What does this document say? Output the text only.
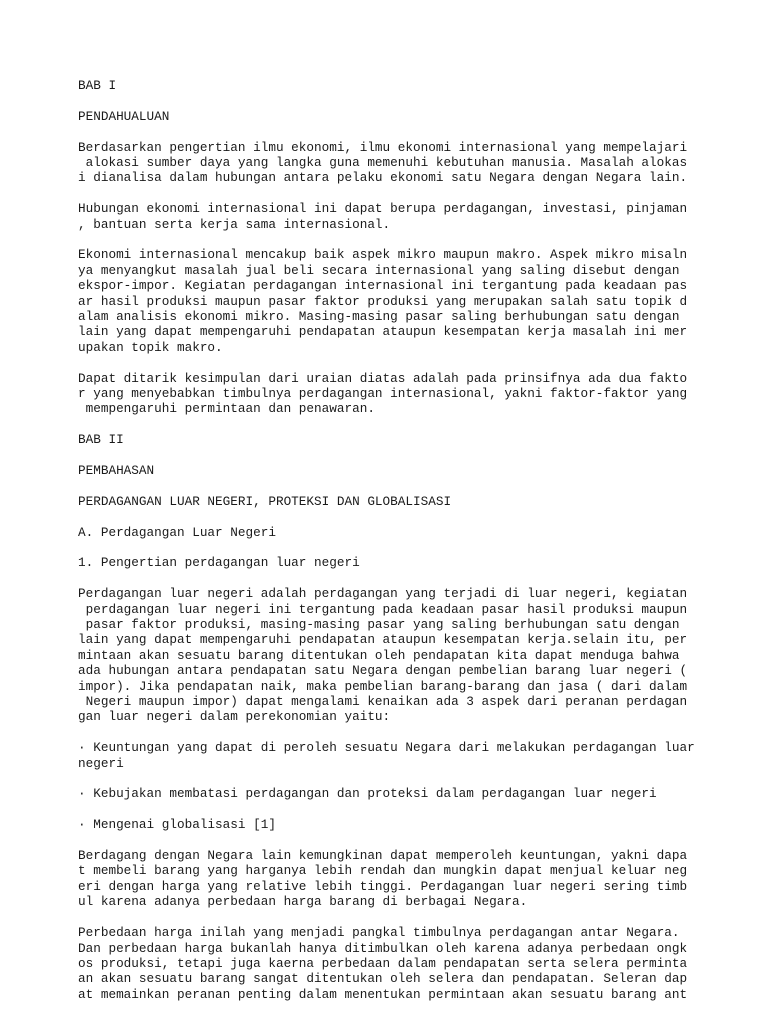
BAB I
PENDAHUALUAN
Berdasarkan pengertian ilmu ekonomi, ilmu ekonomi internasional yang mempelajari
alokasi sumber daya yang langka guna memenuhi kebutuhan manusia. Masalah alokas
i dianalisa dalam hubungan antara pelaku ekonomi satu Negara dengan Negara lain.
Hubungan ekonomi internasional ini dapat berupa perdagangan, investasi, pinjaman
, bantuan serta kerja sama internasional.
Ekonomi internasional mencakup baik aspek mikro maupun makro. Aspek mikro misaln
ya menyangkut masalah jual beli secara internasional yang saling disebut dengan
ekspor-impor. Kegiatan perdagangan internasional ini tergantung pada keadaan pas
ar hasil produksi maupun pasar faktor produksi yang merupakan salah satu topik d
alam analisis ekonomi mikro. Masing-masing pasar saling berhubungan satu dengan
lain yang dapat mempengaruhi pendapatan ataupun kesempatan kerja masalah ini mer
upakan topik makro.
Dapat ditarik kesimpulan dari uraian diatas adalah pada prinsifnya ada dua fakto
r yang menyebabkan timbulnya perdagangan internasional, yakni faktor-faktor yang
mempengaruhi permintaan dan penawaran.
BAB II
PEMBAHASAN
PERDAGANGAN LUAR NEGERI, PROTEKSI DAN GLOBALISASI
A. Perdagangan Luar Negeri
1. Pengertian perdagangan luar negeri
Perdagangan luar negeri adalah perdagangan yang terjadi di luar negeri, kegiatan
perdagangan luar negeri ini tergantung pada keadaan pasar hasil produksi maupun
pasar faktor produksi, masing-masing pasar yang saling berhubungan satu dengan
lain yang dapat mempengaruhi pendapatan ataupun kesempatan kerja.selain itu, per
mintaan akan sesuatu barang ditentukan oleh pendapatan kita dapat menduga bahwa
ada hubungan antara pendapatan satu Negara dengan pembelian barang luar negeri (
impor). Jika pendapatan naik, maka pembelian barang-barang dan jasa ( dari dalam
Negeri maupun impor) dapat mengalami kenaikan ada 3 aspek dari peranan perdagan
gan luar negeri dalam perekonomian yaitu:
· Keuntungan yang dapat di peroleh sesuatu Negara dari melakukan perdagangan luar
negeri
· Kebujakan membatasi perdagangan dan proteksi dalam perdagangan luar negeri
· Mengenai globalisasi [1]
Berdagang dengan Negara lain kemungkinan dapat memperoleh keuntungan, yakni dapa
t membeli barang yang harganya lebih rendah dan mungkin dapat menjual keluar neg
eri dengan harga yang relative lebih tinggi. Perdagangan luar negeri sering timb
ul karena adanya perbedaan harga barang di berbagai Negara.
Perbedaan harga inilah yang menjadi pangkal timbulnya perdagangan antar Negara.
Dan perbedaan harga bukanlah hanya ditimbulkan oleh karena adanya perbedaan ongk
os produksi, tetapi juga kaerna perbedaan dalam pendapatan serta selera perminta
an akan sesuatu barang sangat ditentukan oleh selera dan pendapatan. Seleran dap
at memainkan peranan penting dalam menentukan permintaan akan sesuatu barang ant
